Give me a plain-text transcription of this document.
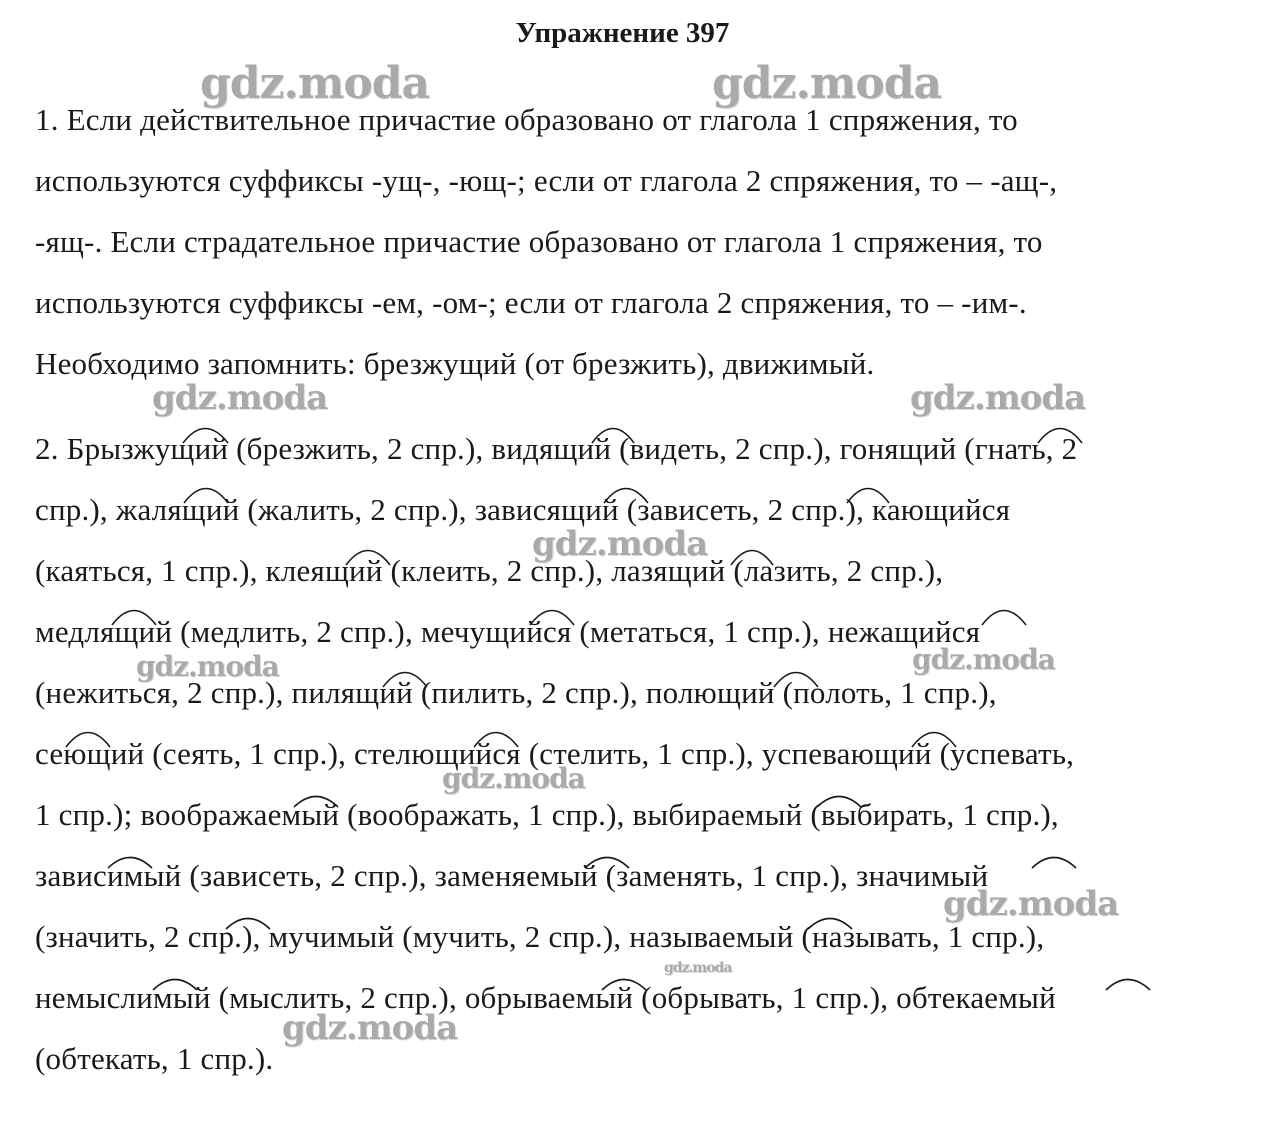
Упражнение 397
1. Если действительное причастие образовано от глагола 1 спряжения, то
используются суффиксы -ущ-, -ющ-; если от глагола 2 спряжения, то – -ащ-,
-ящ-. Если страдательное причастие образовано от глагола 1 спряжения, то
используются суффиксы -ем, -ом-; если от глагола 2 спряжения, то – -им-.
Необходимо запомнить: брезжущий (от брезжить), движимый.
2. Брызжущий (брезжить, 2 спр.), видящий (видеть, 2 спр.), гонящий (гнать, 2
спр.), жалящий (жалить, 2 спр.), зависящий (зависеть, 2 спр.), кающийся
(каяться, 1 спр.), клеящий (клеить, 2 спр.), лазящий (лазить, 2 спр.),
медлящий (медлить, 2 спр.), мечущийся (метаться, 1 спр.), нежащийся
(нежиться, 2 спр.), пилящий (пилить, 2 спр.), полющий (полоть, 1 спр.),
сеющий (сеять, 1 спр.), стелющийся (стелить, 1 спр.), успевающий (успевать,
1 спр.); воображаемый (воображать, 1 спр.), выбираемый (выбирать, 1 спр.),
зависимый (зависеть, 2 спр.), заменяемый (заменять, 1 спр.), значимый
(значить, 2 спр.), мучимый (мучить, 2 спр.), называемый (называть, 1 спр.),
немыслимый (мыслить, 2 спр.), обрываемый (обрывать, 1 спр.), обтекаемый
(обтекать, 1 спр.).
gdz.moda	gdz.moda
gdz.moda	gdz.moda
gdz.moda
gdz.moda	gdz.moda
gdz.moda
gdz.moda
gdz.moda
gdz.moda
